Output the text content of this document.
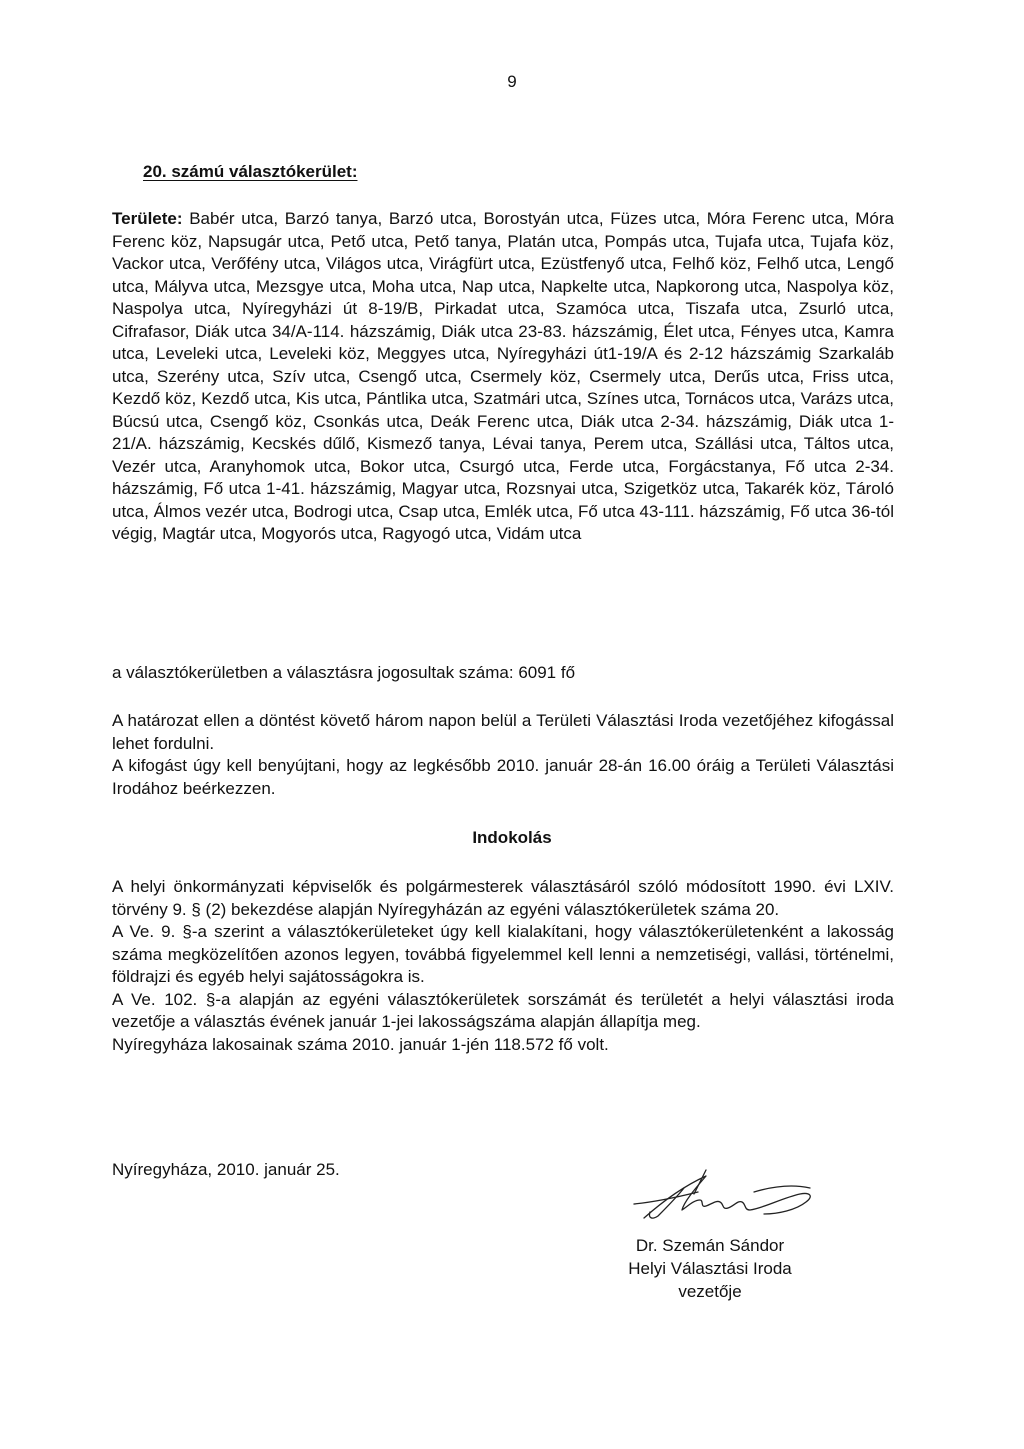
9
20. számú választókerület:
Területe: Babér utca, Barzó tanya, Barzó utca, Borostyán utca, Füzes utca, Móra Ferenc utca, Móra Ferenc köz, Napsugár utca, Pető utca, Pető tanya, Platán utca, Pompás utca, Tujafa utca, Tujafa köz, Vackor utca, Verőfény utca, Világos utca, Virágfürt utca, Ezüstfenyő utca, Felhő köz, Felhő utca, Lengő utca, Mályva utca, Mezsgye utca, Moha utca, Nap utca, Napkelte utca, Napkorong utca, Naspolya köz, Naspolya utca, Nyíregyházi út 8-19/B, Pirkadat utca, Szamóca utca, Tiszafa utca, Zsurló utca, Cifrafasor, Diák utca 34/A-114. házszámig, Diák utca 23-83. házszámig, Élet utca, Fényes utca, Kamra utca, Leveleki utca, Leveleki köz, Meggyes utca, Nyíregyházi út1-19/A és 2-12 házszámig Szarkaláb utca, Szerény utca, Szív utca, Csengő utca, Csermely köz, Csermely utca, Derűs utca, Friss utca, Kezdő köz, Kezdő utca, Kis utca, Pántlika utca, Szatmári utca, Színes utca, Tornácos utca, Varázs utca, Búcsú utca, Csengő köz, Csonkás utca, Deák Ferenc utca, Diák utca 2-34. házszámig, Diák utca 1-21/A. házszámig, Kecskés dűlő, Kismező tanya, Lévai tanya, Perem utca, Szállási utca, Táltos utca, Vezér utca, Aranyhomok utca, Bokor utca, Csurgó utca, Ferde utca, Forgácstanya, Fő utca 2-34. házszámig, Fő utca 1-41. házszámig, Magyar utca, Rozsnyai utca, Szigetköz utca, Takarék köz, Tároló utca, Álmos vezér utca, Bodrogi utca, Csap utca, Emlék utca, Fő utca 43-111. házszámig, Fő utca 36-tól végig, Magtár utca, Mogyorós utca, Ragyogó utca, Vidám utca
a választókerületben a választásra jogosultak száma: 6091 fő

A határozat ellen a döntést követő három napon belül a Területi Választási Iroda vezetőjéhez kifogással lehet fordulni.

A kifogást úgy kell benyújtani, hogy az legkésőbb 2010. január 28-án 16.00 óráig a Területi Választási Irodához beérkezzen.

Indokolás

A helyi önkormányzati képviselők és polgármesterek választásáról szóló módosított 1990. évi LXIV. törvény 9. § (2) bekezdése alapján Nyíregyházán az egyéni választókerületek száma 20.

A Ve. 9. §-a szerint a választókerületeket úgy kell kialakítani, hogy választókerületenként a lakosság száma megközelítően azonos legyen, továbbá figyelemmel kell lenni a nemzetiségi, vallási, történelmi, földrajzi és egyéb helyi sajátosságokra is.

A Ve. 102. §-a alapján az egyéni választókerületek sorszámát és területét a helyi választási iroda vezetője a választás évének január 1-jei lakosságszáma alapján állapítja meg.

Nyíregyháza lakosainak száma 2010. január 1-jén 118.572 fő volt.

Nyíregyháza, 2010. január 25.
Dr. Szemán Sándor
Helyi Választási Iroda
vezetője
